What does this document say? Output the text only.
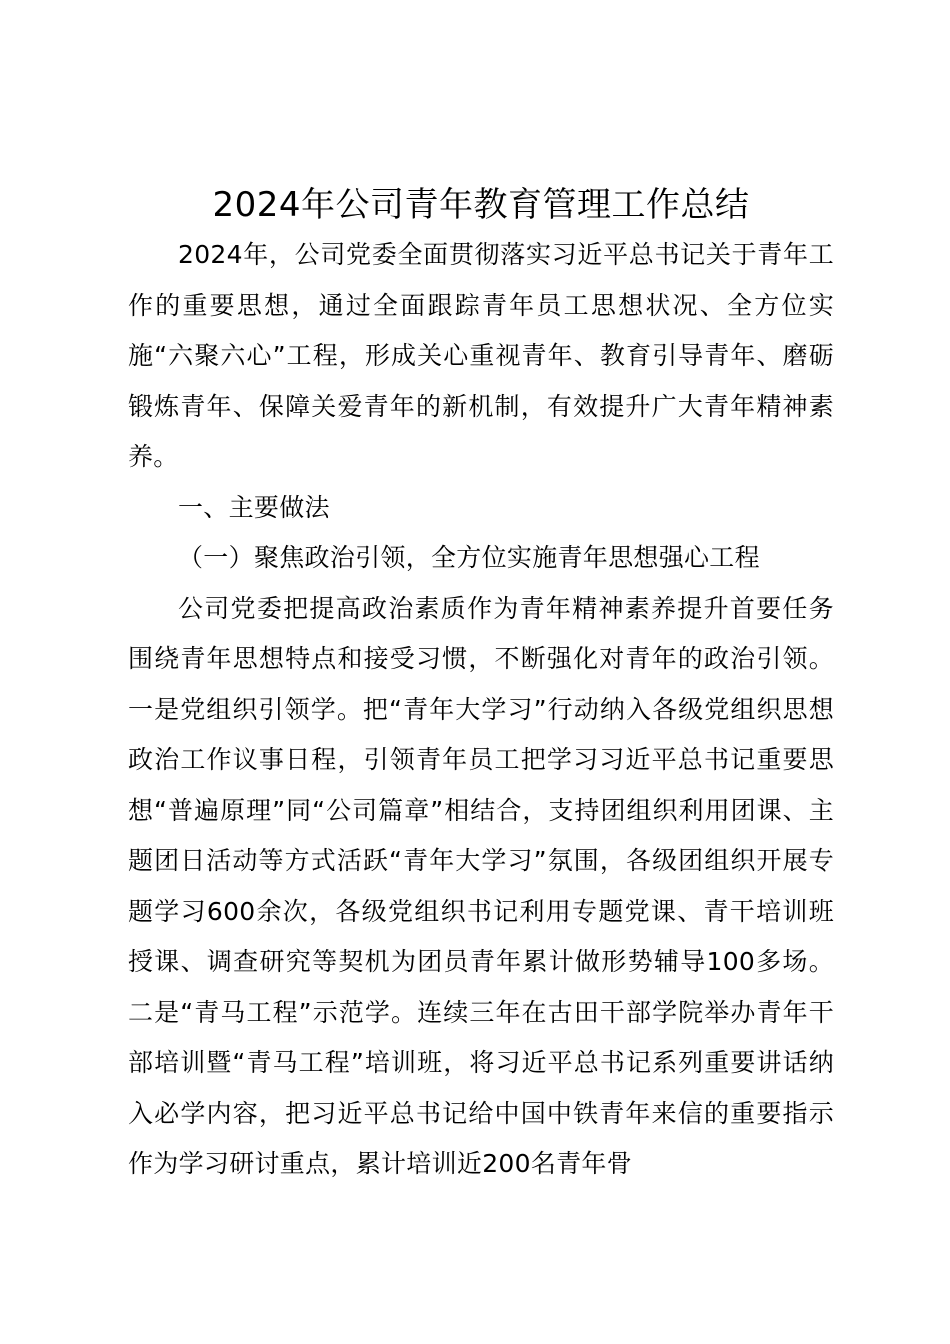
2024年公司青年教育管理工作总结

2024年，公司党委全面贯彻落实习近平总书记关于青年工作的重要思想，通过全面跟踪青年员工思想状况、全方位实施“六聚六心”工程，形成关心重视青年、教育引导青年、磨砺锻炼青年、保障关爱青年的新机制，有效提升广大青年精神素养。

一、主要做法

（一）聚焦政治引领，全方位实施青年思想强心工程

公司党委把提高政治素质作为青年精神素养提升首要任务围绕青年思想特点和接受习惯，不断强化对青年的政治引领。一是党组织引领学。把“青年大学习”行动纳入各级党组织思想政治工作议事日程，引领青年员工把学习习近平总书记重要思想“普遍原理”同“公司篇章”相结合，支持团组织利用团课、主题团日活动等方式活跃“青年大学习”氛围，各级团组织开展专题学习600余次，各级党组织书记利用专题党课、青干培训班授课、调查研究等契机为团员青年累计做形势辅导100多场。二是“青马工程”示范学。连续三年在古田干部学院举办青年干部培训暨“青马工程”培训班，将习近平总书记系列重要讲话纳入必学内容，把习近平总书记给中国中铁青年来信的重要指示作为学习研讨重点，累计培训近200名青年骨
